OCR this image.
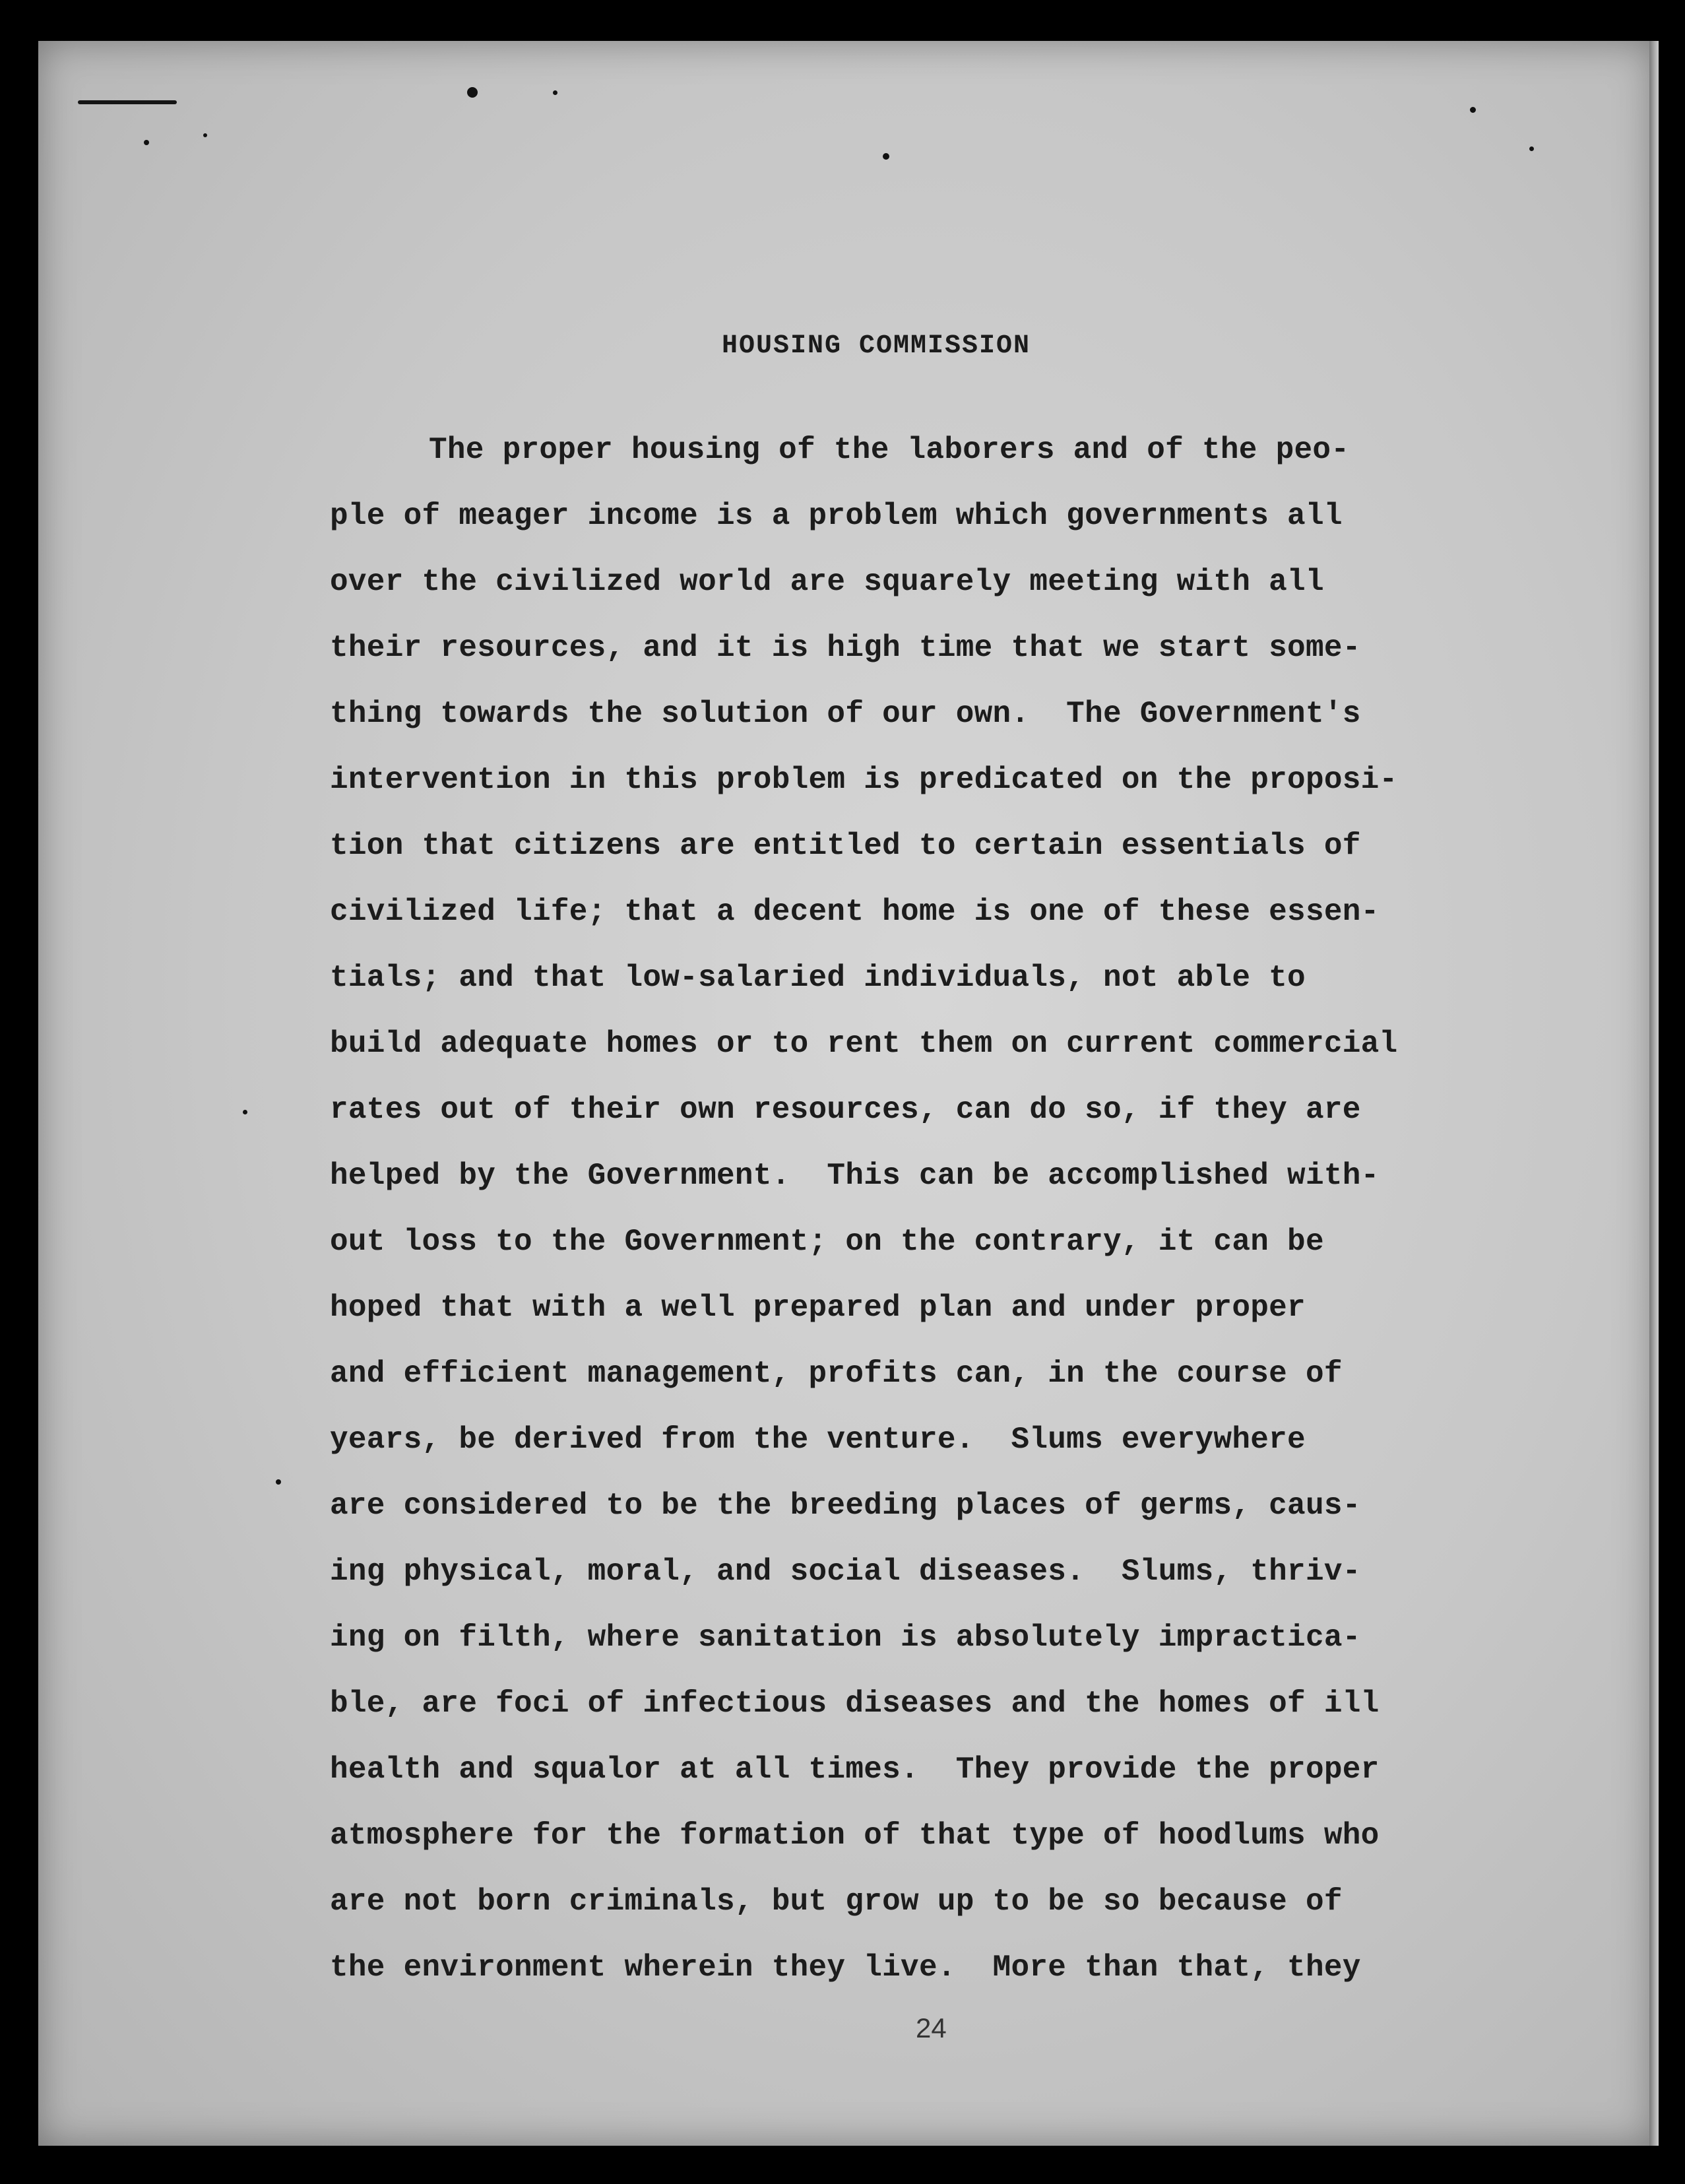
HOUSING COMMISSION
The proper housing of the laborers and of the peo-
ple of meager income is a problem which governments all
over the civilized world are squarely meeting with all
their resources, and it is high time that we start some-
thing towards the solution of our own.  The Government's
intervention in this problem is predicated on the proposi-
tion that citizens are entitled to certain essentials of
civilized life; that a decent home is one of these essen-
tials; and that low-salaried individuals, not able to
build adequate homes or to rent them on current commercial
rates out of their own resources, can do so, if they are
helped by the Government.  This can be accomplished with-
out loss to the Government; on the contrary, it can be
hoped that with a well prepared plan and under proper
and efficient management, profits can, in the course of
years, be derived from the venture.  Slums everywhere
are considered to be the breeding places of germs, caus-
ing physical, moral, and social diseases.  Slums, thriv-
ing on filth, where sanitation is absolutely impractica-
ble, are foci of infectious diseases and the homes of ill
health and squalor at all times.  They provide the proper
atmosphere for the formation of that type of hoodlums who
are not born criminals, but grow up to be so because of
the environment wherein they live.  More than that, they
24
